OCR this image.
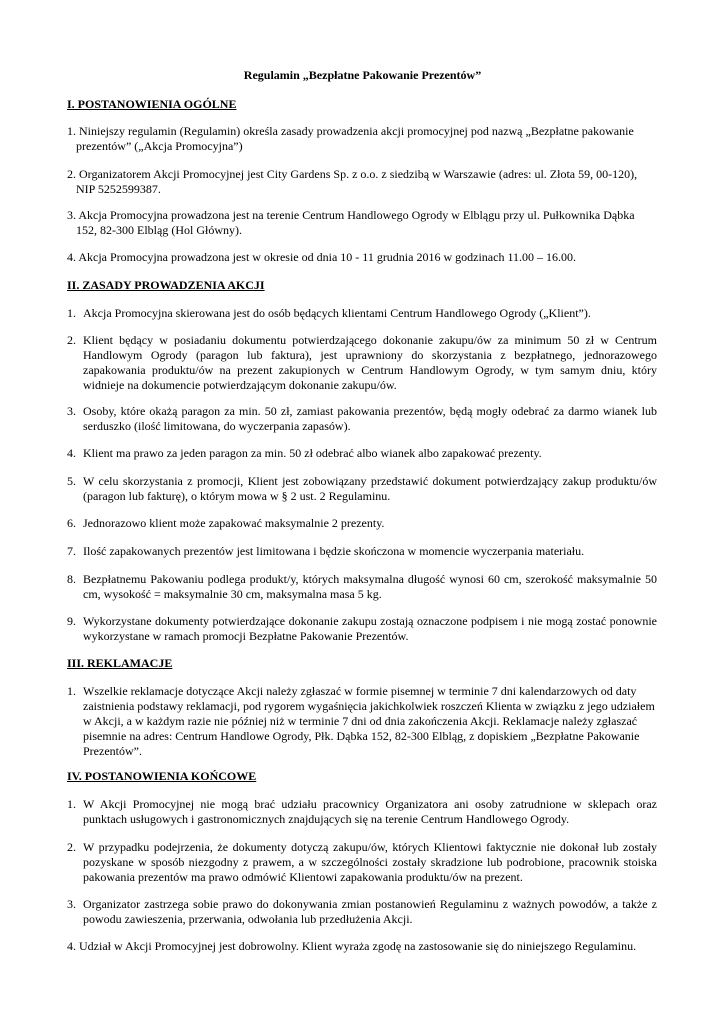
Regulamin „Bezpłatne Pakowanie Prezentów”
I. POSTANOWIENIA OGÓLNE
1. Niniejszy regulamin (Regulamin) określa zasady prowadzenia akcji promocyjnej pod nazwą „Bezpłatne pakowanie prezentów” („Akcja Promocyjna”)
2. Organizatorem Akcji Promocyjnej jest City Gardens Sp. z o.o. z siedzibą w Warszawie (adres: ul. Złota 59, 00-120), NIP 5252599387.
3. Akcja Promocyjna prowadzona jest na terenie Centrum Handlowego Ogrody w Elblągu przy ul. Pułkownika Dąbka 152, 82-300 Elbląg (Hol Główny).
4. Akcja Promocyjna prowadzona jest w okresie od dnia 10 - 11 grudnia 2016 w godzinach 11.00 – 16.00.
II. ZASADY PROWADZENIA AKCJI
1. Akcja Promocyjna skierowana jest do osób będących klientami Centrum Handlowego Ogrody („Klient”).
2. Klient będący w posiadaniu dokumentu potwierdzającego dokonanie zakupu/ów za minimum 50 zł w Centrum Handlowym Ogrody (paragon lub faktura), jest uprawniony do skorzystania z bezpłatnego, jednorazowego zapakowania produktu/ów na prezent zakupionych w Centrum Handlowym Ogrody, w tym samym dniu, który widnieje na dokumencie potwierdzającym dokonanie zakupu/ów.
3. Osoby, które okażą paragon za min. 50 zł, zamiast pakowania prezentów, będą mogły odebrać za darmo wianek lub serduszko (ilość limitowana, do wyczerpania zapasów).
4. Klient ma prawo za jeden paragon za min. 50 zł odebrać albo wianek albo zapakować prezenty.
5. W celu skorzystania z promocji, Klient jest zobowiązany przedstawić dokument potwierdzający zakup produktu/ów (paragon lub fakturę), o którym mowa w § 2 ust. 2 Regulaminu.
6. Jednorazowo klient może zapakować maksymalnie 2 prezenty.
7. Ilość zapakowanych prezentów jest limitowana i będzie skończona w momencie wyczerpania materiału.
8. Bezpłatnemu Pakowaniu podlega produkt/y, których maksymalna długość wynosi 60 cm, szerokość maksymalnie 50 cm, wysokość = maksymalnie 30 cm, maksymalna masa 5 kg.
9. Wykorzystane dokumenty potwierdzające dokonanie zakupu zostają oznaczone podpisem i nie mogą zostać ponownie wykorzystane w ramach promocji Bezpłatne Pakowanie Prezentów.
III. REKLAMACJE
1. Wszelkie reklamacje dotyczące Akcji należy zgłaszać w formie pisemnej w terminie 7 dni kalendarzowych od daty zaistnienia podstawy reklamacji, pod rygorem wygaśnięcia jakichkolwiek roszczeń Klienta w związku z jego udziałem w Akcji, a w każdym razie nie później niż w terminie 7 dni od dnia zakończenia Akcji. Reklamacje należy zgłaszać pisemnie na adres: Centrum Handlowe Ogrody, Płk. Dąbka 152, 82-300 Elbląg, z dopiskiem „Bezpłatne Pakowanie Prezentów”.
IV. POSTANOWIENIA KOŃCOWE
1. W Akcji Promocyjnej nie mogą brać udziału pracownicy Organizatora ani osoby zatrudnione w sklepach oraz punktach usługowych i gastronomicznych znajdujących się na terenie Centrum Handlowego Ogrody.
2. W przypadku podejrzenia, że dokumenty dotyczą zakupu/ów, których Klientowi faktycznie nie dokonał lub zostały pozyskane w sposób niezgodny z prawem, a w szczególności zostały skradzione lub podrobione, pracownik stoiska pakowania prezentów ma prawo odmówić Klientowi zapakowania produktu/ów na prezent.
3. Organizator zastrzega sobie prawo do dokonywania zmian postanowień Regulaminu z ważnych powodów, a także z powodu zawieszenia, przerwania, odwołania lub przedłużenia Akcji.
4. Udział w Akcji Promocyjnej jest dobrowolny. Klient wyraża zgodę na zastosowanie się do niniejszego Regulaminu.
